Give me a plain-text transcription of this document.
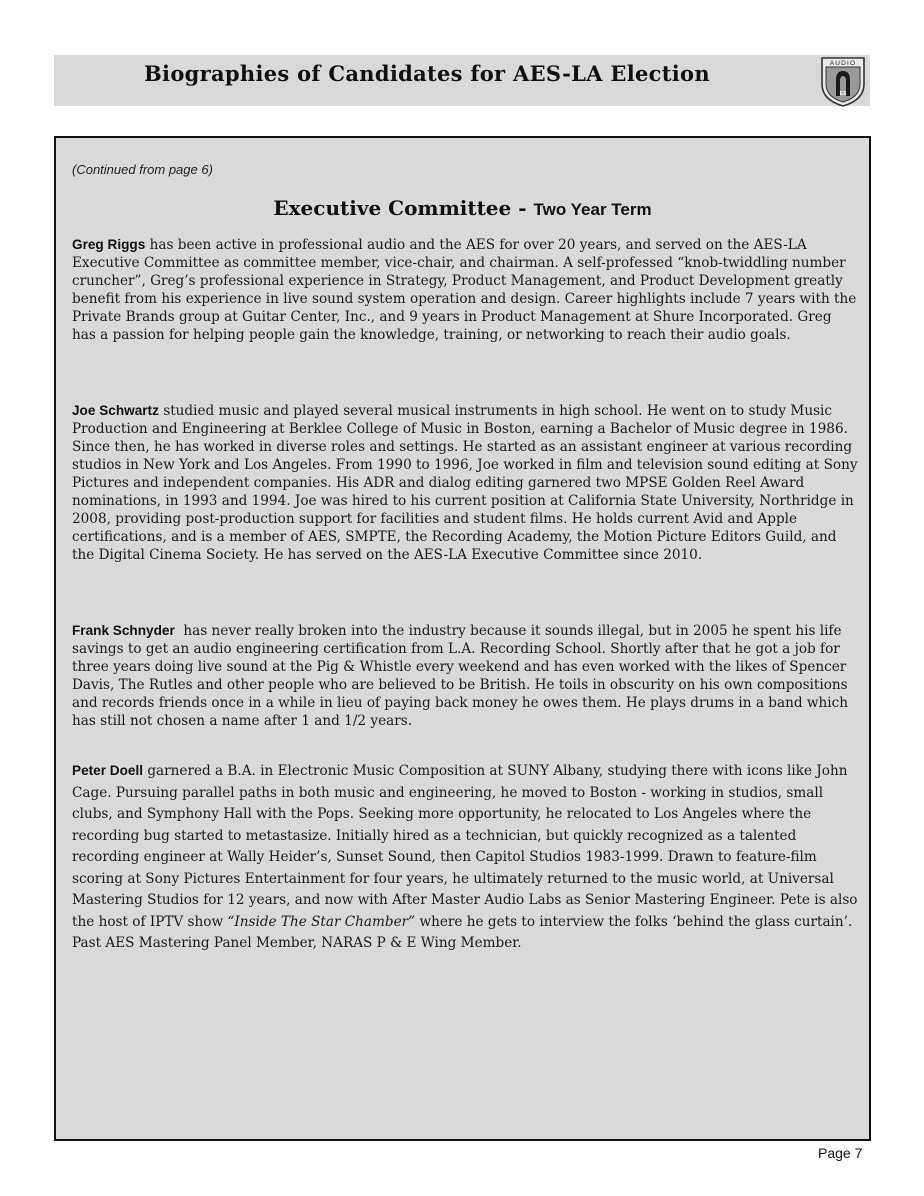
Biographies of Candidates for AES-LA Election	AUDIO
ES
(Continued from page 6)
Executive Committee - Two Year Term

Greg Riggs has been active in professional audio and the AES for over 20 years, and served on the AES-LA Executive Committee as committee member, vice-chair, and chairman. A self-professed “knob-twiddling number cruncher”, Greg’s professional experience in Strategy, Product Management, and Product Development greatly benefit from his experience in live sound system operation and design. Career highlights include 7 years with the Private Brands group at Guitar Center, Inc., and 9 years in Product Management at Shure Incorporated. Greg has a passion for helping people gain the knowledge, training, or networking to reach their audio goals.

Joe Schwartz studied music and played several musical instruments in high school. He went on to study Music Production and Engineering at Berklee College of Music in Boston, earning a Bachelor of Music degree in 1986. Since then, he has worked in diverse roles and settings. He started as an assistant engineer at various recording studios in New York and Los Angeles. From 1990 to 1996, Joe worked in film and television sound editing at Sony Pictures and independent companies. His ADR and dialog editing garnered two MPSE Golden Reel Award nominations, in 1993 and 1994. Joe was hired to his current position at California State University, Northridge in 2008, providing post-production support for facilities and student films. He holds current Avid and Apple certifications, and is a member of AES, SMPTE, the Recording Academy, the Motion Picture Editors Guild, and the Digital Cinema Society. He has served on the AES-LA Executive Committee since 2010.

Frank Schnyder  has never really broken into the industry because it sounds illegal, but in 2005 he spent his life savings to get an audio engineering certification from L.A. Recording School. Shortly after that he got a job for three years doing live sound at the Pig & Whistle every weekend and has even worked with the likes of Spencer Davis, The Rutles and other people who are believed to be British. He toils in obscurity on his own compositions and records friends once in a while in lieu of paying back money he owes them. He plays drums in a band which has still not chosen a name after 1 and 1/2 years.

Peter Doell garnered a B.A. in Electronic Music Composition at SUNY Albany, studying there with icons like John Cage. Pursuing parallel paths in both music and engineering, he moved to Boston - working in studios, small clubs, and Symphony Hall with the Pops. Seeking more opportunity, he relocated to Los Angeles where the recording bug started to metastasize. Initially hired as a technician, but quickly recognized as a talented recording engineer at Wally Heider’s, Sunset Sound, then Capitol Studios 1983-1999. Drawn to feature-film scoring at Sony Pictures Entertainment for four years, he ultimately returned to the music world, at Universal Mastering Studios for 12 years, and now with After Master Audio Labs as Senior Mastering Engineer. Pete is also the host of IPTV show “Inside The Star Chamber” where he gets to interview the folks ‘behind the glass curtain’. Past AES Mastering Panel Member, NARAS P & E Wing Member.

Page 7
